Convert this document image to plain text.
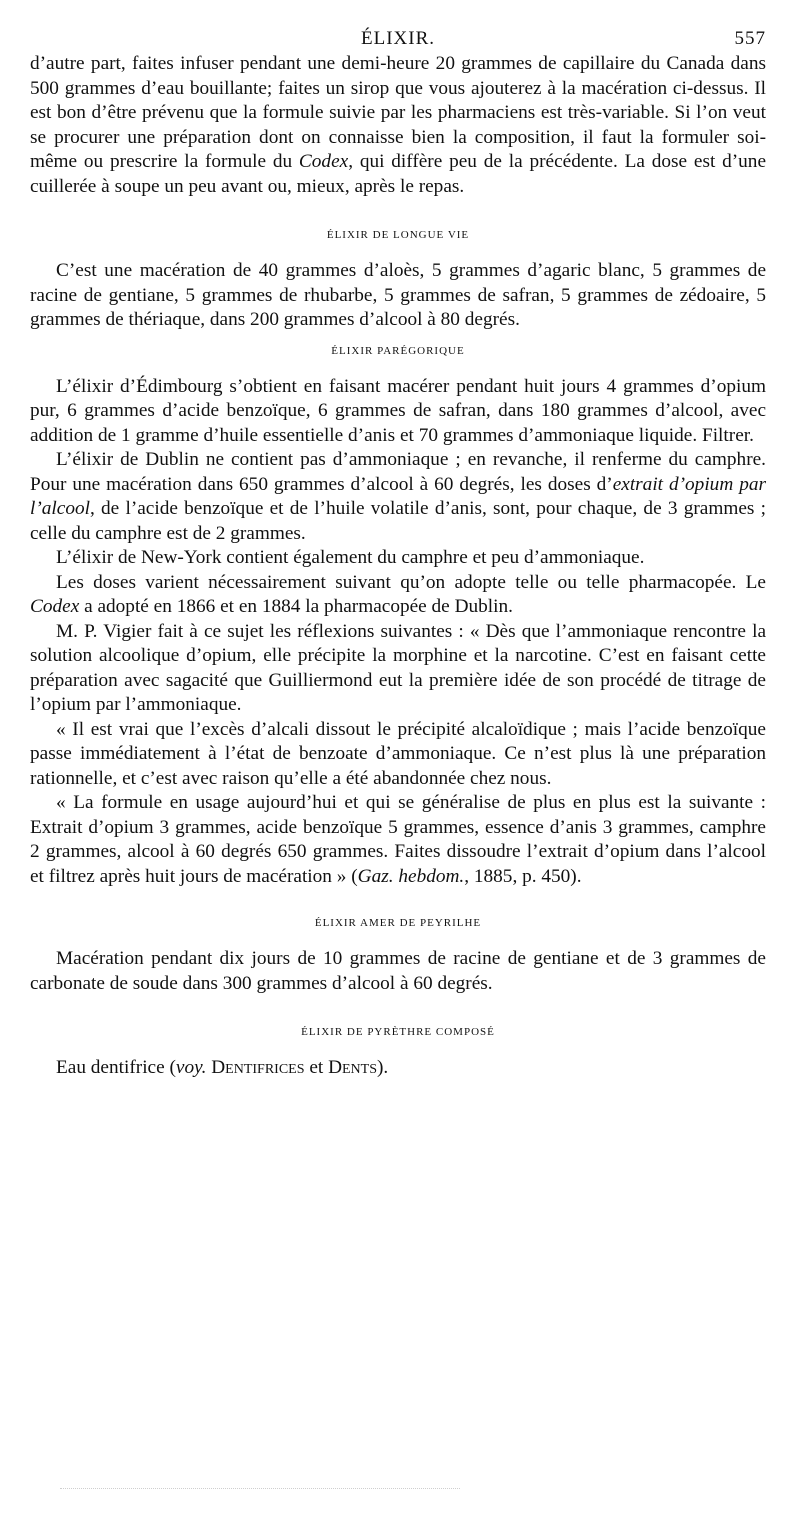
ÉLIXIR.	557

d’autre part, faites infuser pendant une demi-heure 20 grammes de capillaire du Canada dans 500 grammes d’eau bouillante; faites un sirop que vous ajouterez à la macération ci-dessus. Il est bon d’être prévenu que la formule suivie par les pharmaciens est très-variable. Si l’on veut se procurer une préparation dont on connaisse bien la composition, il faut la formuler soi-même ou prescrire la formule du Codex, qui diffère peu de la précédente. La dose est d’une cuillerée à soupe un peu avant ou, mieux, après le repas.

ÉLIXIR DE LONGUE VIE

C’est une macération de 40 grammes d’aloès, 5 grammes d’agaric blanc, 5 grammes de racine de gentiane, 5 grammes de rhubarbe, 5 grammes de safran, 5 grammes de zédoaire, 5 grammes de thériaque, dans 200 grammes d’alcool à 80 degrés.

ÉLIXIR PARÉGORIQUE

L’élixir d’Édimbourg s’obtient en faisant macérer pendant huit jours 4 grammes d’opium pur, 6 grammes d’acide benzoïque, 6 grammes de safran, dans 180 grammes d’alcool, avec addition de 1 gramme d’huile essentielle d’anis et 70 grammes d’ammoniaque liquide. Filtrer.

L’élixir de Dublin ne contient pas d’ammoniaque ; en revanche, il renferme du camphre. Pour une macération dans 650 grammes d’alcool à 60 degrés, les doses d’extrait d’opium par l’alcool, de l’acide benzoïque et de l’huile volatile d’anis, sont, pour chaque, de 3 grammes ; celle du camphre est de 2 grammes.

L’élixir de New-York contient également du camphre et peu d’ammoniaque.

Les doses varient nécessairement suivant qu’on adopte telle ou telle pharmacopée. Le Codex a adopté en 1866 et en 1884 la pharmacopée de Dublin.

M. P. Vigier fait à ce sujet les réflexions suivantes : « Dès que l’ammoniaque rencontre la solution alcoolique d’opium, elle précipite la morphine et la narcotine. C’est en faisant cette préparation avec sagacité que Guilliermond eut la première idée de son procédé de titrage de l’opium par l’ammoniaque.

« Il est vrai que l’excès d’alcali dissout le précipité alcaloïdique ; mais l’acide benzoïque passe immédiatement à l’état de benzoate d’ammoniaque. Ce n’est plus là une préparation rationnelle, et c’est avec raison qu’elle a été abandonnée chez nous.

« La formule en usage aujourd’hui et qui se généralise de plus en plus est la suivante : Extrait d’opium 3 grammes, acide benzoïque 5 grammes, essence d’anis 3 grammes, camphre 2 grammes, alcool à 60 degrés 650 grammes. Faites dissoudre l’extrait d’opium dans l’alcool et filtrez après huit jours de macération » (Gaz. hebdom., 1885, p. 450).

ÉLIXIR AMER DE PEYRILHE

Macération pendant dix jours de 10 grammes de racine de gentiane et de 3 grammes de carbonate de soude dans 300 grammes d’alcool à 60 degrés.

ÉLIXIR DE PYRÈTHRE COMPOSÉ

Eau dentifrice (voy. Dentifrices et Dents).
